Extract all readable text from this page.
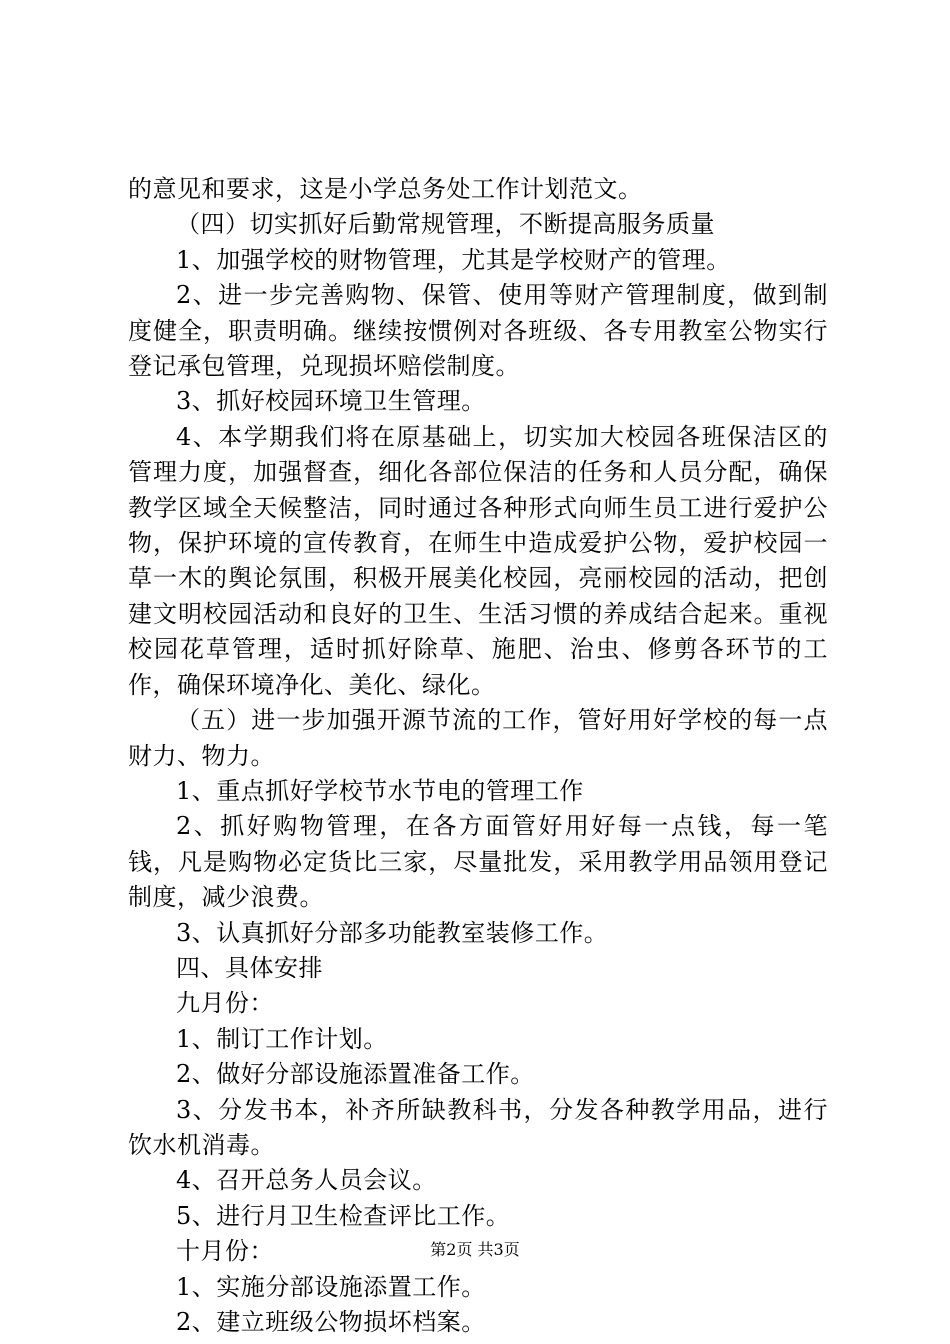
的意见和要求，这是小学总务处工作计划范文。

（四）切实抓好后勤常规管理，不断提高服务质量

1、加强学校的财物管理，尤其是学校财产的管理。

2、进一步完善购物、保管、使用等财产管理制度，做到制度健全，职责明确。继续按惯例对各班级、各专用教室公物实行登记承包管理，兑现损坏赔偿制度。

3、抓好校园环境卫生管理。

4、本学期我们将在原基础上，切实加大校园各班保洁区的管理力度，加强督查，细化各部位保洁的任务和人员分配，确保教学区域全天候整洁，同时通过各种形式向师生员工进行爱护公物，保护环境的宣传教育，在师生中造成爱护公物，爱护校园一草一木的舆论氛围，积极开展美化校园，亮丽校园的活动，把创建文明校园活动和良好的卫生、生活习惯的养成结合起来。重视校园花草管理，适时抓好除草、施肥、治虫、修剪各环节的工作，确保环境净化、美化、绿化。

（五）进一步加强开源节流的工作，管好用好学校的每一点财力、物力。

1、重点抓好学校节水节电的管理工作

2、抓好购物管理，在各方面管好用好每一点钱，每一笔钱，凡是购物必定货比三家，尽量批发，采用教学用品领用登记制度，减少浪费。

3、认真抓好分部多功能教室装修工作。

四、具体安排

九月份：

1、制订工作计划。

2、做好分部设施添置准备工作。

3、分发书本，补齐所缺教科书，分发各种教学用品，进行饮水机消毒。

4、召开总务人员会议。

5、进行月卫生检查评比工作。

十月份：

1、实施分部设施添置工作。

2、建立班级公物损坏档案。

第2页 共3页
